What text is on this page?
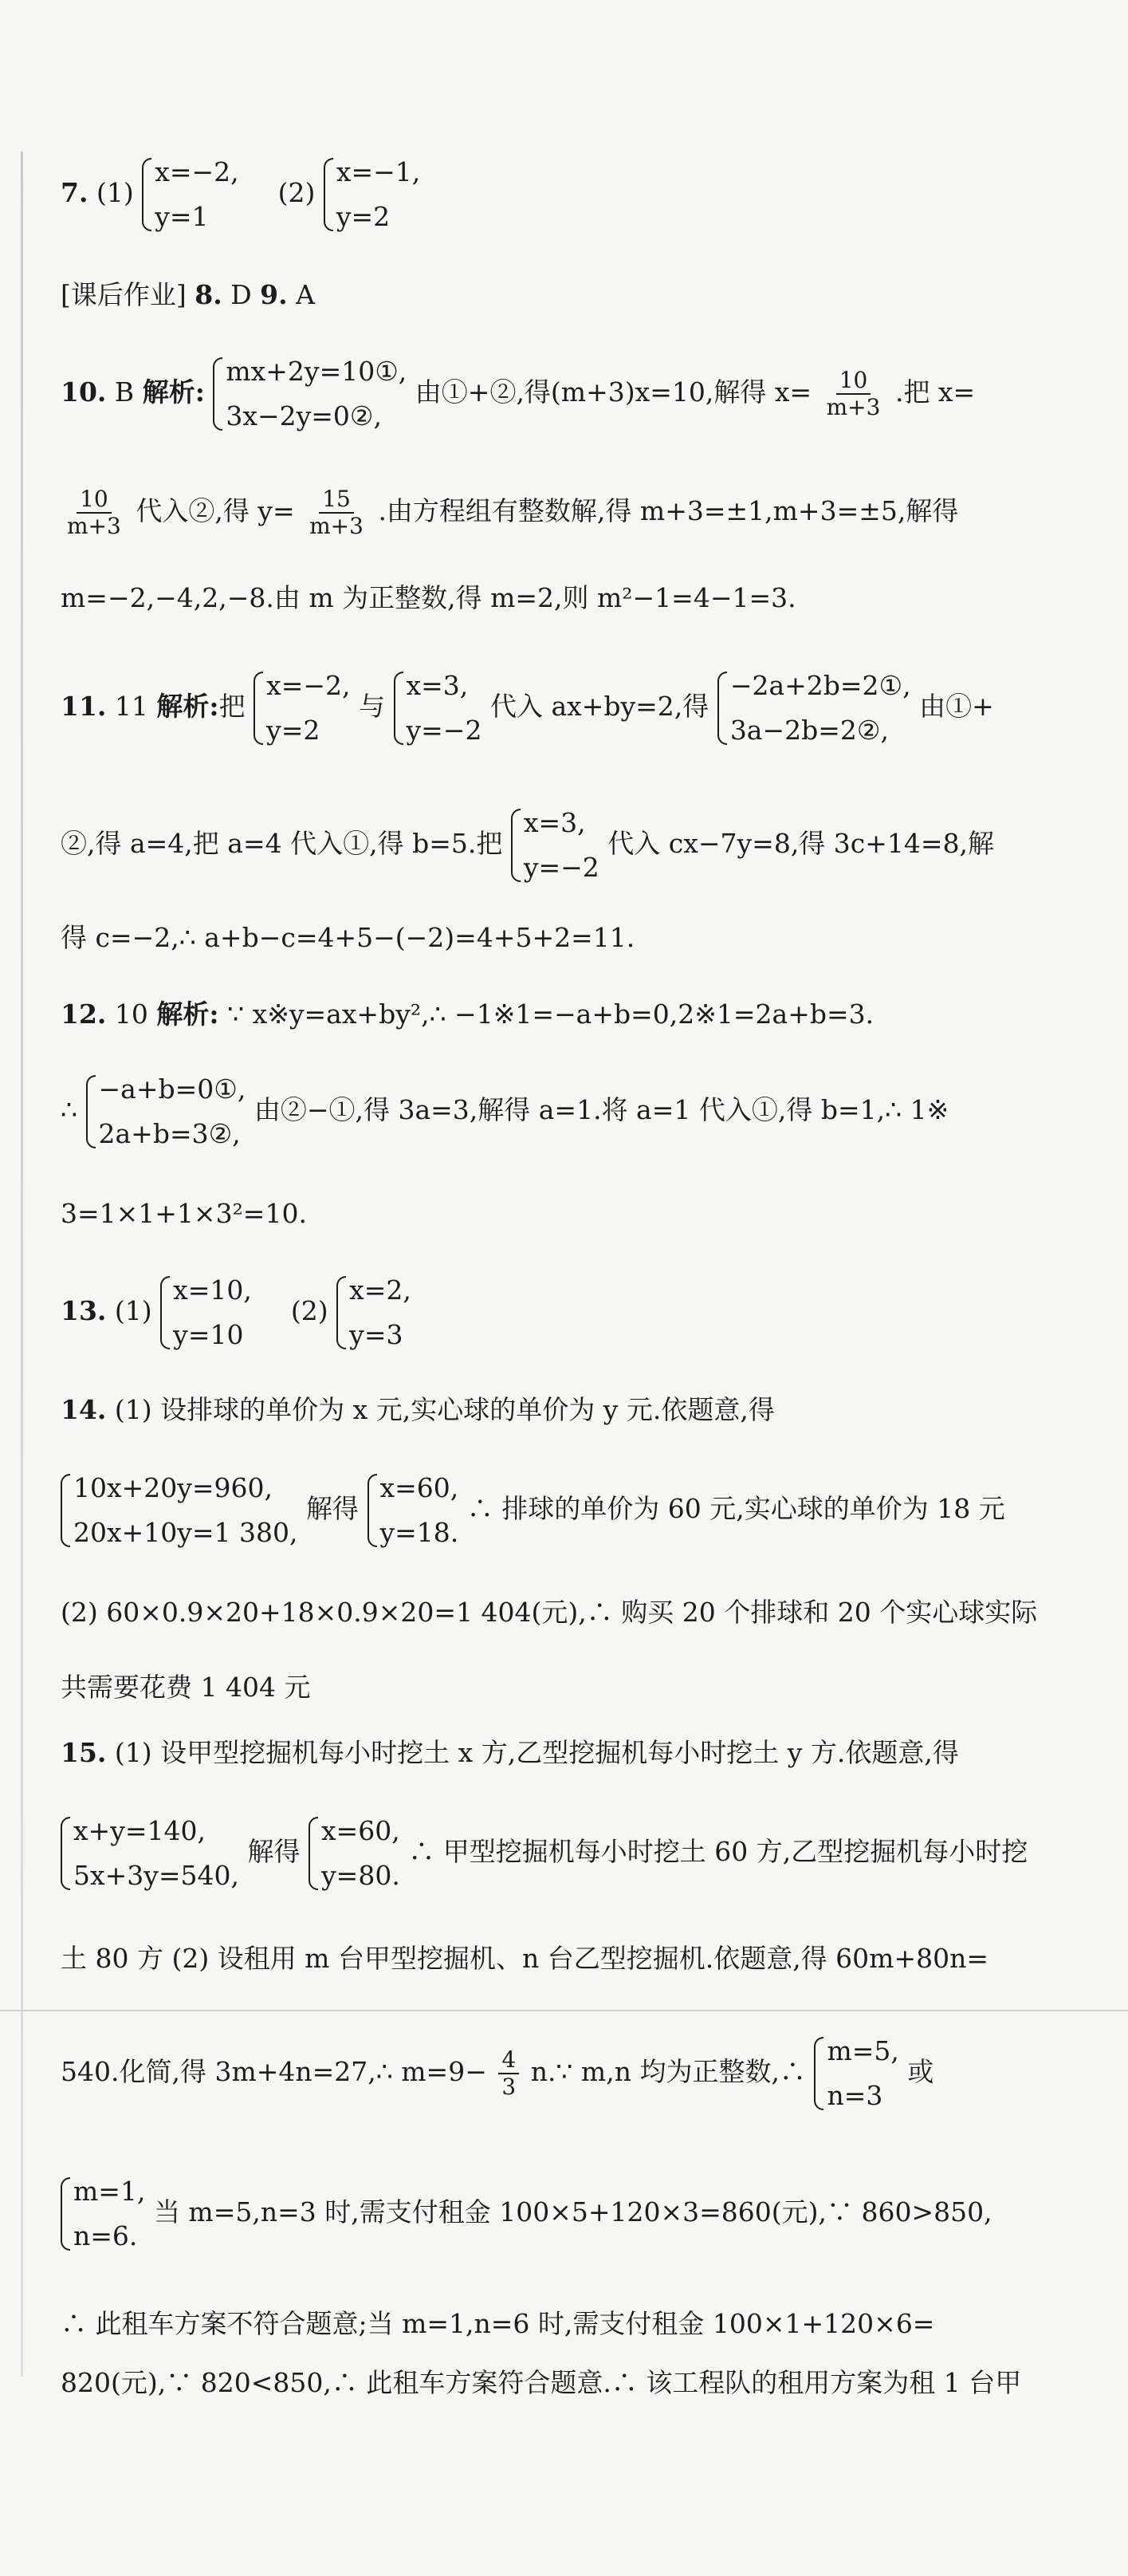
7. (1)
x=−2,
y=1
(2)
x=−1,
y=2
[课后作业] 8. D 9. A
10. B 解析:
mx+2y=10①,
3x−2y=0②,
由①+②,得(m+3)x=10,解得 $x= \frac{10}{m+3}$ .把 x=
$\frac{10}{m+3}$ 代入②,得 $y= \frac{15}{m+3}$ .由方程组有整数解,得 m+3=±1,m+3=±5,解得
m=−2,−4,2,−8.由 m 为正整数,得 m=2,则 m²−1=4−1=3.
11. 11 解析:把
x=−2,
y=2
与
x=3,
y=−2
代入 ax+by=2,得
−2a+2b=2①,
3a−2b=2②,
由①+
②,得 a=4,把 a=4 代入①,得 b=5.把
x=3,
y=−2
代入 cx−7y=8,得 3c+14=8,解
得 c=−2,∴ a+b−c=4+5−(−2)=4+5+2=11.
12. 10 解析: ∵ x※y=ax+by²,∴ −1※1=−a+b=0,2※1=2a+b=3.
∴
−a+b=0①,
2a+b=3②,
由②−①,得 3a=3,解得 a=1.将 a=1 代入①,得 b=1,∴ 1※
3=1×1+1×3²=10.
13. (1)
x=10,
y=10
(2)
x=2,
y=3
14. (1) 设排球的单价为 x 元,实心球的单价为 y 元.依题意,得
10x+20y=960,
20x+10y=1 380,
解得
x=60,
y=18.
∴ 排球的单价为 60 元,实心球的单价为 18 元
(2) 60×0.9×20+18×0.9×20=1 404(元),∴ 购买 20 个排球和 20 个实心球实际
共需要花费 1 404 元
15. (1) 设甲型挖掘机每小时挖土 x 方,乙型挖掘机每小时挖土 y 方.依题意,得
x+y=140,
5x+3y=540,
解得
x=60,
y=80.
∴ 甲型挖掘机每小时挖土 60 方,乙型挖掘机每小时挖
土 80 方 (2) 设租用 m 台甲型挖掘机、n 台乙型挖掘机.依题意,得 60m+80n=
540.化简,得 3m+4n=27,∴ $m=9- \frac{4}{3}$ n.∵ m,n 均为正整数,∴
m=5,
n=3
或
m=1,
n=6.
当 m=5,n=3 时,需支付租金 100×5+120×3=860(元),∵ 860>850,
∴ 此租车方案不符合题意;当 m=1,n=6 时,需支付租金 100×1+120×6=
820(元),∵ 820<850,∴ 此租车方案符合题意.∴ 该工程队的租用方案为租 1 台甲
